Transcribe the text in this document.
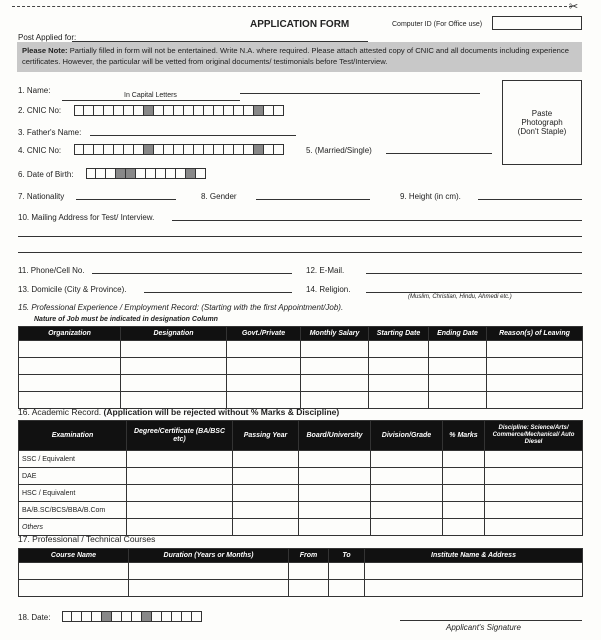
✂
APPLICATION FORM	Computer ID (For Office use)
Post Applied for:
Please Note: Partially filled in form will not be entertained. Write N.A. where required. Please attach attested copy of CNIC and all documents including experience certificates. However, the particular will be vetted from original documents/ testimonials before Test/Interview.
Paste Photograph (Don't Staple)
1. Name:
In Capital Letters
2. CNIC No:
3. Father's Name:
4. CNIC No:	5. (Married/Single)
6. Date of Birth:
7. Nationality	8. Gender	9. Height (in cm).
10. Mailing Address for Test/ Interview.
11. Phone/Cell No.	12. E-Mail.
13. Domicile (City & Province).	14. Religion.
(Muslim, Christian, Hindu, Ahmedi etc.)
15. Professional Experience / Employment Record: (Starting with the first Appointment/Job).
Nature of Job must be indicated in designation Column
Organization	Designation	Govt./Private	Monthly Salary	Starting Date	Ending Date	Reason(s) of Leaving

16. Academic Record. (Application will be rejected without % Marks & Discipline)
Examination	Degree/Certificate (BA/BSC etc)	Passing Year	Board/University	Division/Grade	% Marks	Discipline: Science/Arts/ Commerce/Mechanical/ Auto Diesel
SSC / Equivalent						
DAE						
HSC / Equivalent						
BA/B.SC/BCS/BBA/B.Com						
Others						
17. Professional / Technical Courses
Course Name	Duration (Years or Months)	From	To	Institute Name & Address

18. Date:
Applicant's Signature
